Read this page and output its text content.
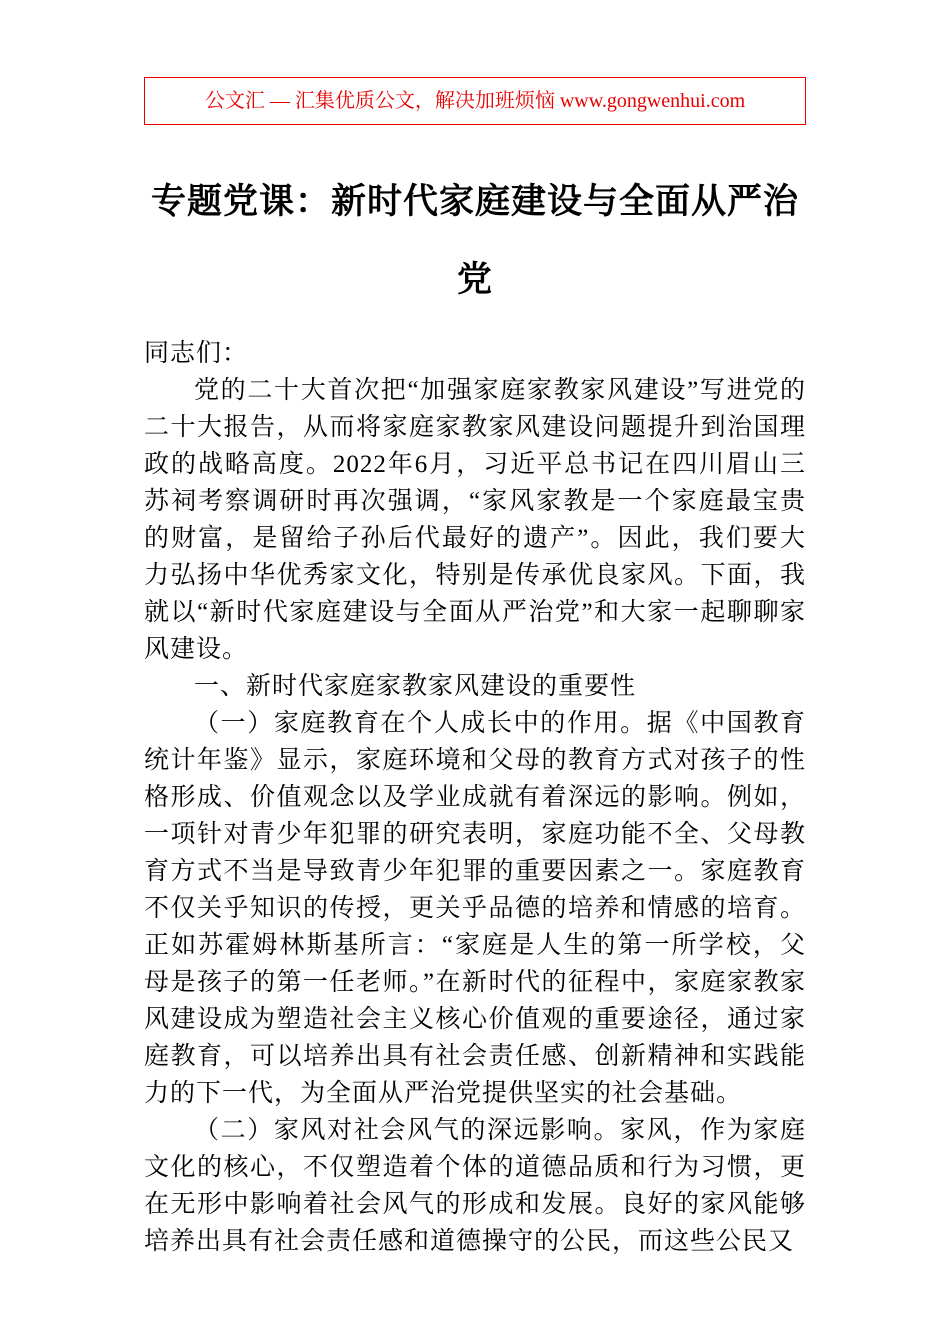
公文汇 — 汇集优质公文，解决加班烦恼 www.gongwenhui.com
专题党课：新时代家庭建设与全面从严治党

同志们：

党的二十大首次把“加强家庭家教家风建设”写进党的二十大报告，从而将家庭家教家风建设问题提升到治国理政的战略高度。2022年6月，习近平总书记在四川眉山三苏祠考察调研时再次强调，“家风家教是一个家庭最宝贵的财富，是留给子孙后代最好的遗产”。因此，我们要大力弘扬中华优秀家文化，特别是传承优良家风。下面，我就以“新时代家庭建设与全面从严治党”和大家一起聊聊家风建设。

一、新时代家庭家教家风建设的重要性

（一）家庭教育在个人成长中的作用。据《中国教育统计年鉴》显示，家庭环境和父母的教育方式对孩子的性格形成、价值观念以及学业成就有着深远的影响。例如，一项针对青少年犯罪的研究表明，家庭功能不全、父母教育方式不当是导致青少年犯罪的重要因素之一。家庭教育不仅关乎知识的传授，更关乎品德的培养和情感的培育。正如苏霍姆林斯基所言：“家庭是人生的第一所学校，父母是孩子的第一任老师。”在新时代的征程中，家庭家教家风建设成为塑造社会主义核心价值观的重要途径，通过家庭教育，可以培养出具有社会责任感、创新精神和实践能力的下一代，为全面从严治党提供坚实的社会基础。

（二）家风对社会风气的深远影响。家风，作为家庭文化的核心，不仅塑造着个体的道德品质和行为习惯，更在无形中影响着社会风气的形成和发展。良好的家风能够培养出具有社会责任感和道德操守的公民，而这些公民又
